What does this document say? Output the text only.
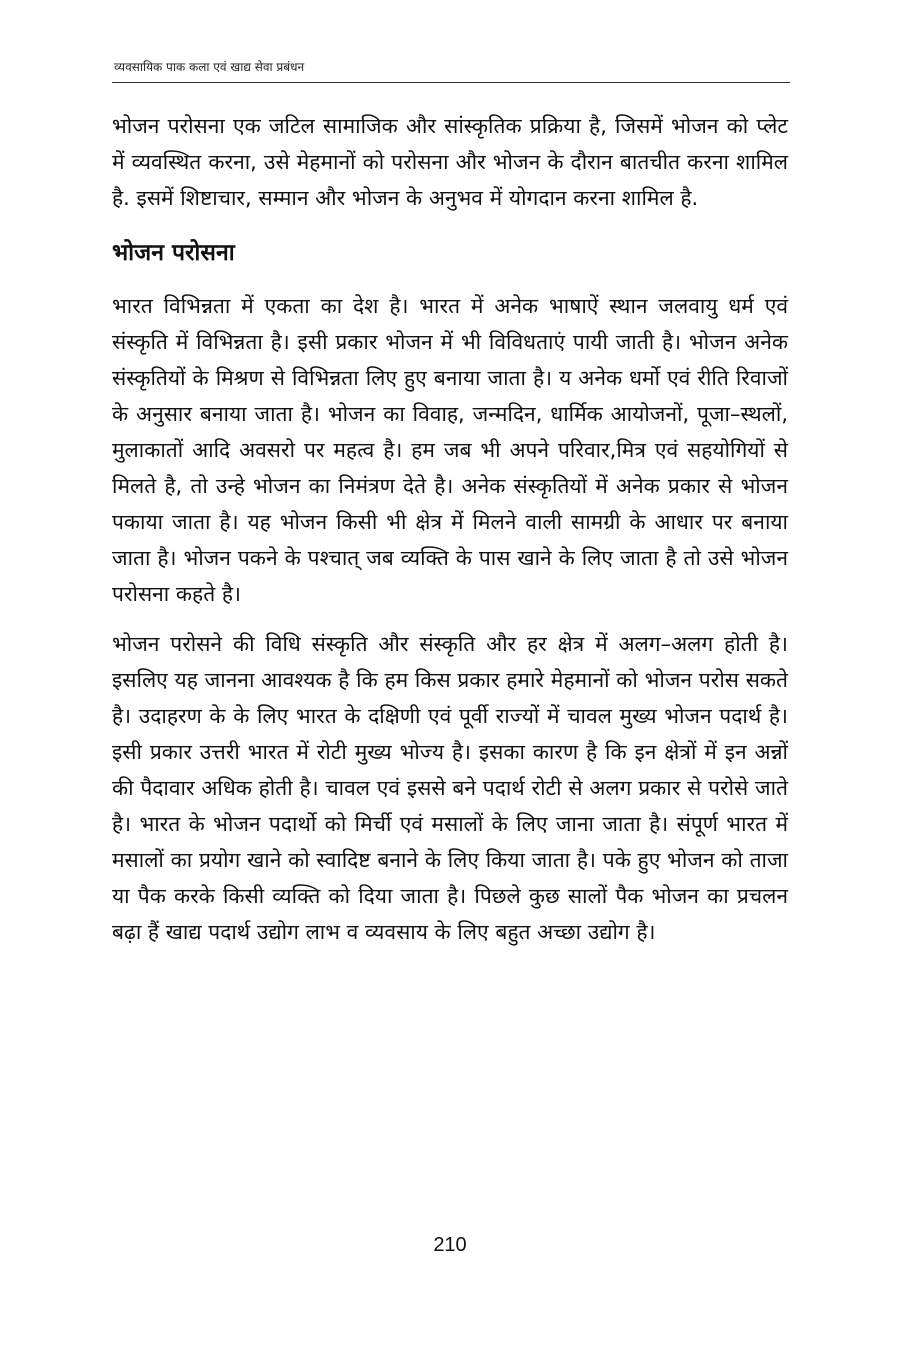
व्यवसायिक पाक कला एवं खाद्य सेवा प्रबंधन

भोजन परोसना एक जटिल सामाजिक और सांस्कृतिक प्रक्रिया है, जिसमें भोजन को प्लेट में व्यवस्थित करना, उसे मेहमानों को परोसना और भोजन के दौरान बातचीत करना शामिल है. इसमें शिष्टाचार, सम्मान और भोजन के अनुभव में योगदान करना शामिल है.

भोजन परोसना

भारत विभिन्नता में एकता का देश है। भारत में अनेक भाषाऐं स्थान जलवायु धर्म एवं संस्कृति में विभिन्नता है। इसी प्रकार भोजन में भी विविधताएं पायी जाती है। भोजन अनेक संस्कृतियों के मिश्रण से विभिन्नता लिए हुए बनाया जाता है। य अनेक धर्मो एवं रीति रिवाजों के अनुसार बनाया जाता है। भोजन का विवाह, जन्मदिन, धार्मिक आयोजनों, पूजा–स्थलों, मुलाकातों आदि अवसरो पर महत्व है। हम जब भी अपने परिवार,मित्र एवं सहयोगियों से मिलते है, तो उन्हे भोजन का निमंत्रण देते है। अनेक संस्कृतियों में अनेक प्रकार से भोजन पकाया जाता है। यह भोजन किसी भी क्षेत्र में मिलने वाली सामग्री के आधार पर बनाया जाता है। भोजन पकने के पश्चात् जब व्यक्ति के पास खाने के लिए जाता है तो उसे भोजन परोसना कहते है।

भोजन परोसने की विधि संस्कृति और संस्कृति और हर क्षेत्र में अलग–अलग होती है। इसलिए यह जानना आवश्यक है कि हम किस प्रकार हमारे मेहमानों को भोजन परोस सकते है। उदाहरण के के लिए भारत के दक्षिणी एवं पूर्वी राज्यों में चावल मुख्य भोजन पदार्थ है। इसी प्रकार उत्तरी भारत में रोटी मुख्य भोज्य है। इसका कारण है कि इन क्षेत्रों में इन अन्नों की पैदावार अधिक होती है। चावल एवं इससे बने पदार्थ रोटी से अलग प्रकार से परोसे जाते है। भारत के भोजन पदार्थो को मिर्ची एवं मसालों के लिए जाना जाता है। संपूर्ण भारत में मसालों का प्रयोग खाने को स्वादिष्ट बनाने के लिए किया जाता है। पके हुए भोजन को ताजा या पैक करके किसी व्यक्ति को दिया जाता है। पिछले कुछ सालों पैक भोजन का प्रचलन बढ़ा हैं खाद्य पदार्थ उद्योग लाभ व व्यवसाय के लिए बहुत अच्छा उद्योग है।

210
